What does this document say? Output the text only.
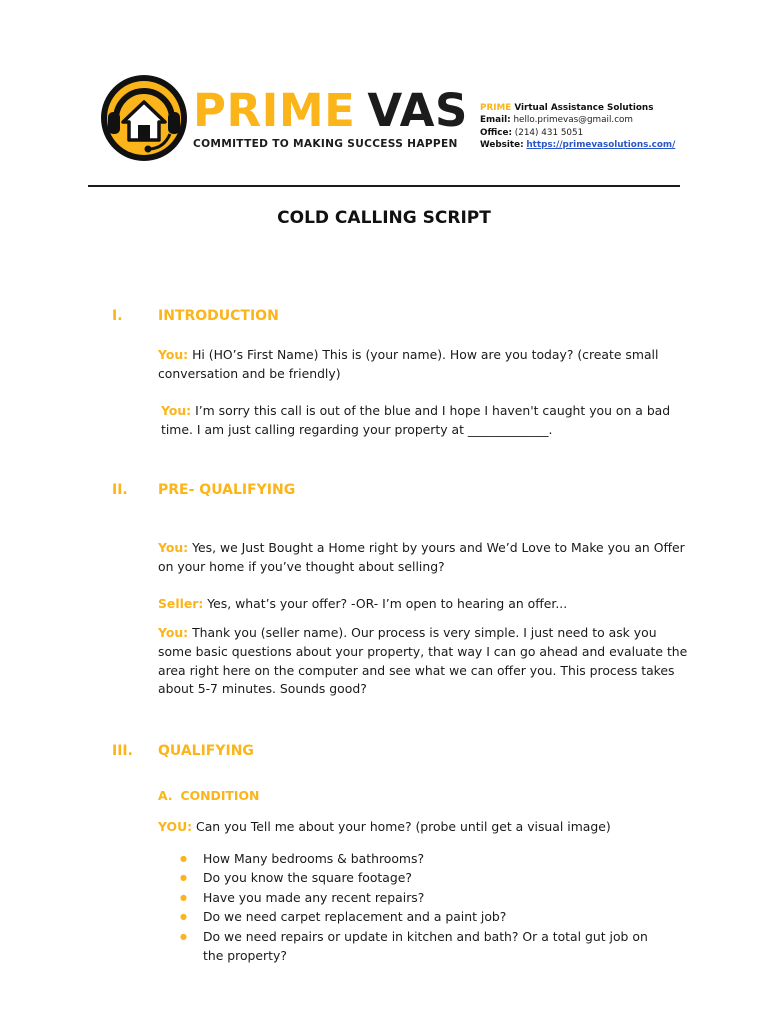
PRIME VAS
COMMITTED TO MAKING SUCCESS HAPPEN
PRIME Virtual Assistance Solutions
Email: hello.primevas@gmail.com
Office: (214) 431 5051
Website: https://primevasolutions.com/
COLD CALLING SCRIPT
I.	INTRODUCTION
You: Hi (HO’s First Name) This is (your name). How are you today? (create small conversation and be friendly)
You: I’m sorry this call is out of the blue and I hope I haven't caught you on a bad time. I am just calling regarding your property at _____________.
II. PRE- QUALIFYING
You: Yes, we Just Bought a Home right by yours and We’d Love to Make you an Offer on your home if you’ve thought about selling?
Seller: Yes, what’s your offer? -OR- I’m open to hearing an offer...
You: Thank you (seller name). Our process is very simple. I just need to ask you some basic questions about your property, that way I can go ahead and evaluate the area right here on the computer and see what we can offer you. This process takes about 5-7 minutes. Sounds good?
III. QUALIFYING
A. CONDITION
YOU: Can you Tell me about your home? (probe until get a visual image)
● How Many bedrooms & bathrooms?
● Do you know the square footage?
● Have you made any recent repairs?
● Do we need carpet replacement and a paint job?
● Do we need repairs or update in kitchen and bath? Or a total gut job on the property?
